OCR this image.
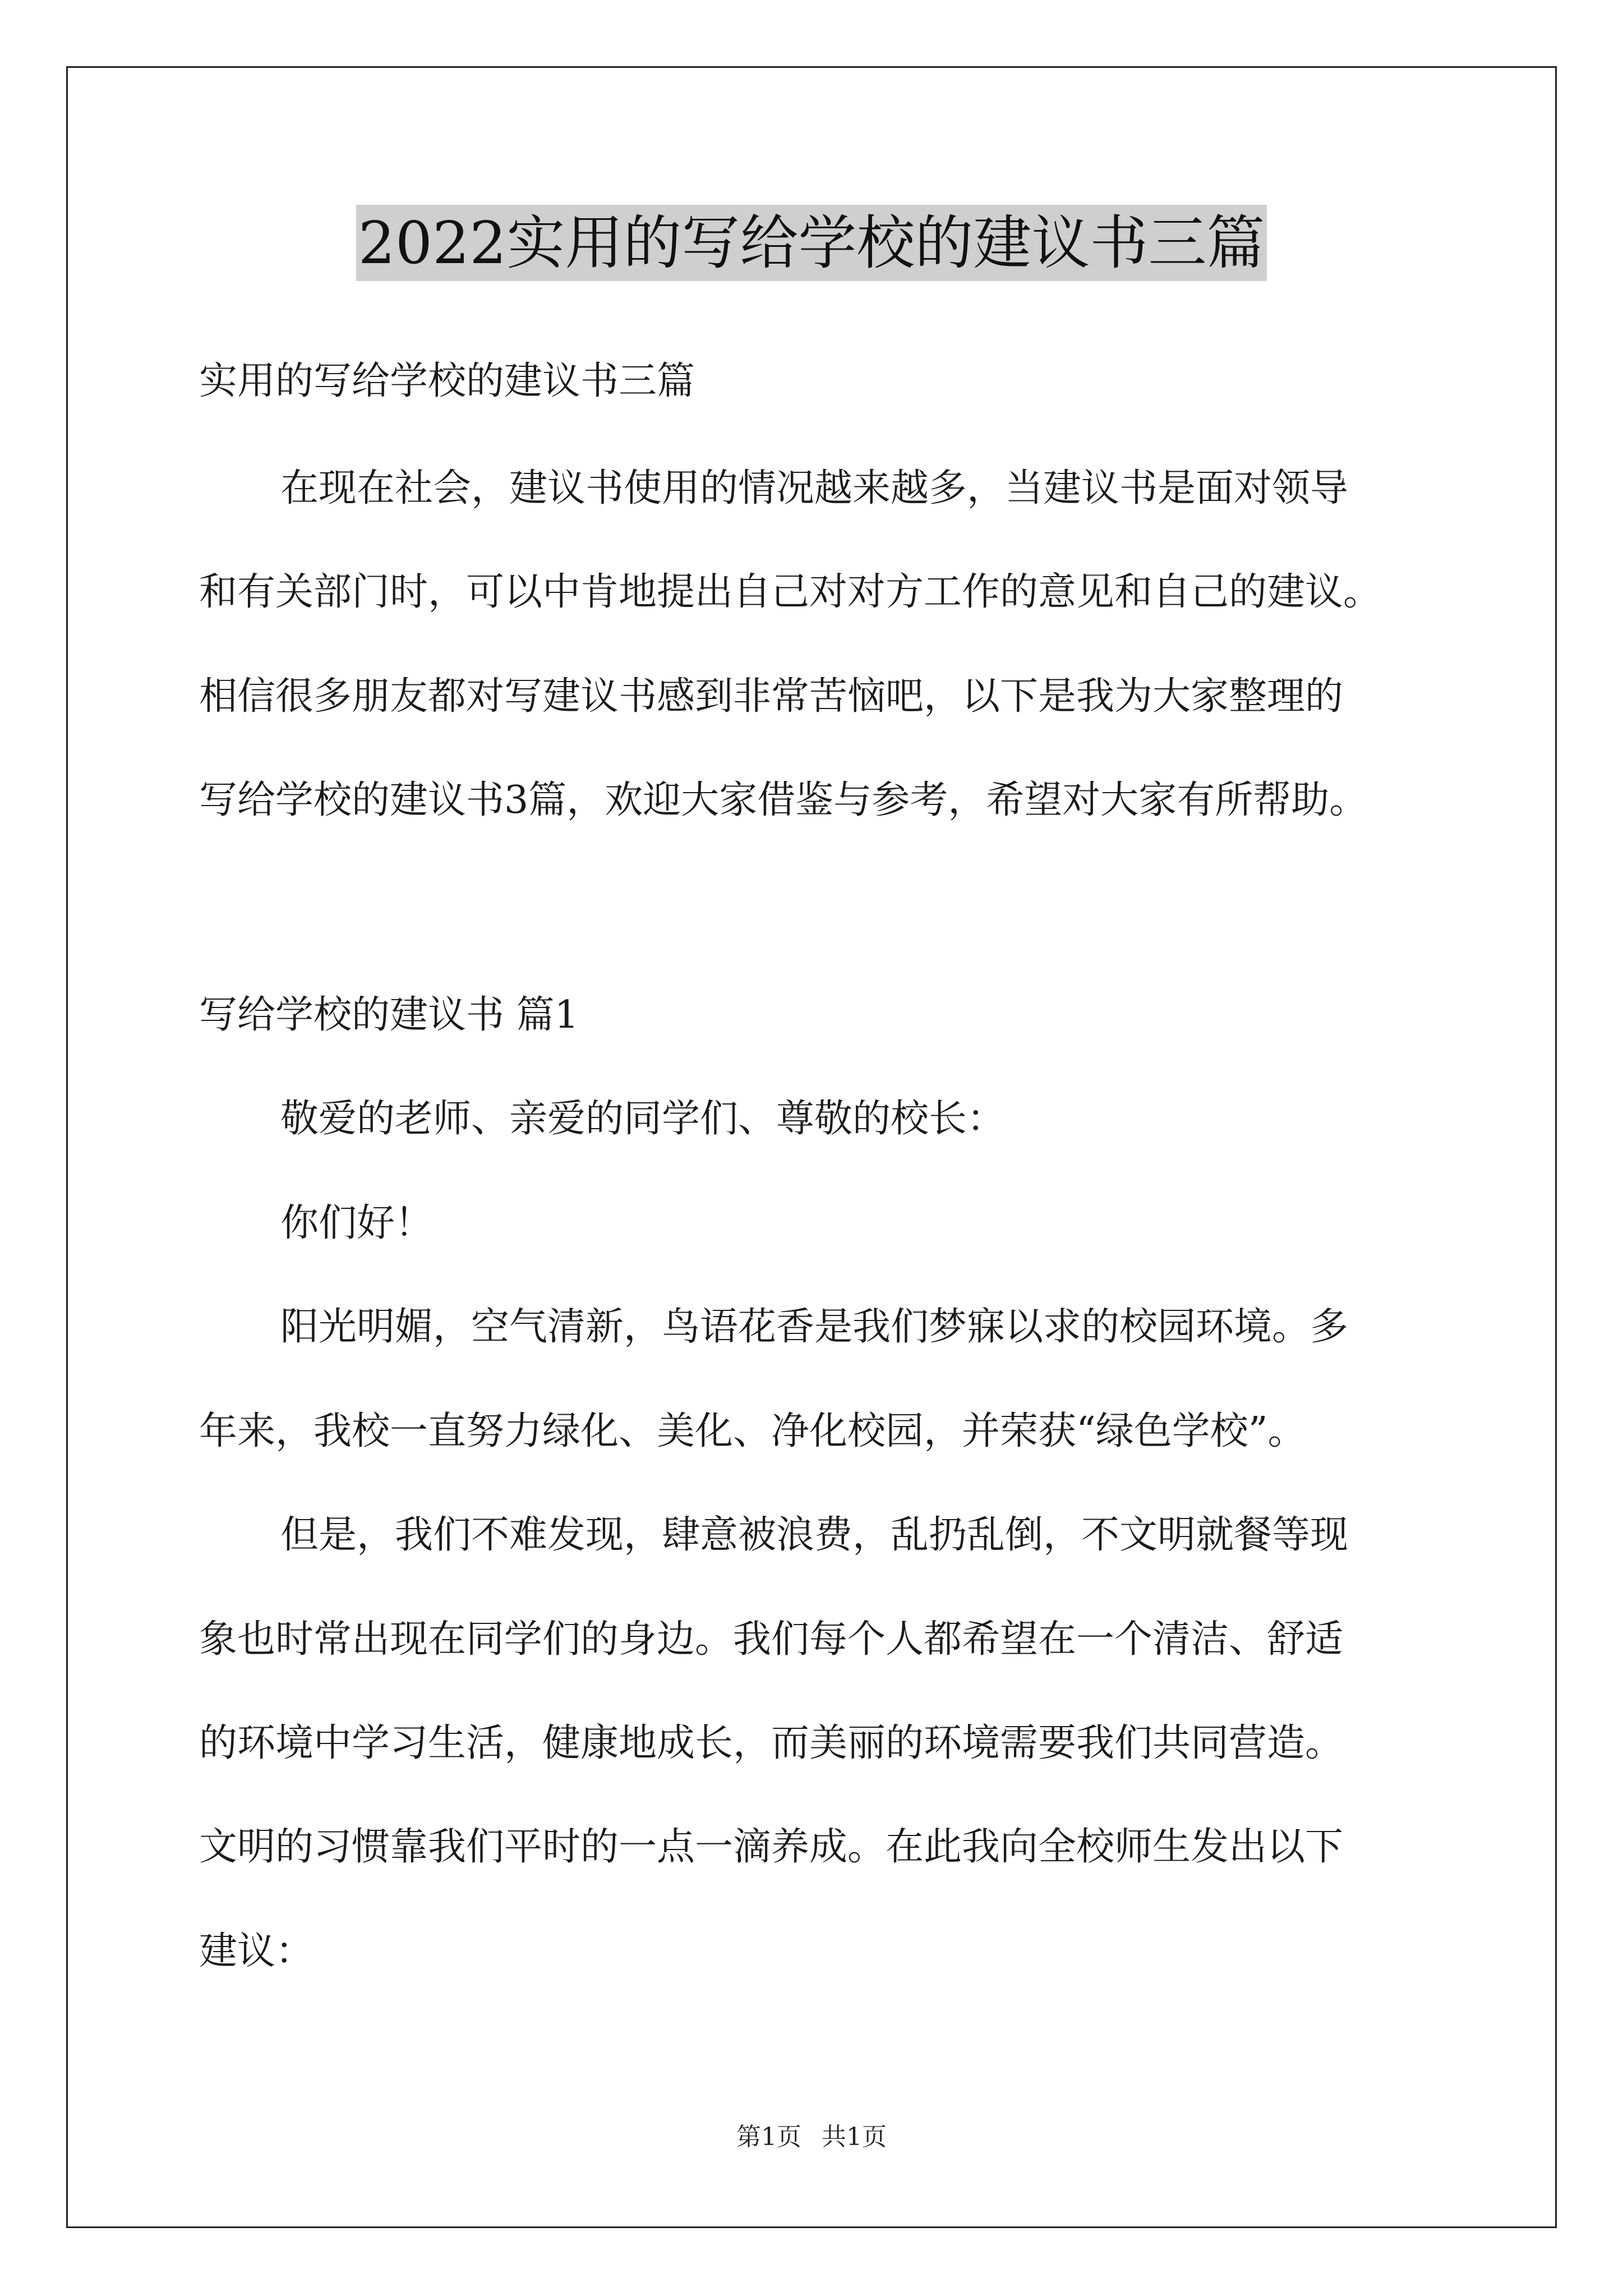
2022实用的写给学校的建议书三篇
实用的写给学校的建议书三篇
在现在社会，建议书使用的情况越来越多，当建议书是面对领导
和有关部门时，可以中肯地提出自己对对方工作的意见和自己的建议。
相信很多朋友都对写建议书感到非常苦恼吧，以下是我为大家整理的
写给学校的建议书3篇，欢迎大家借鉴与参考，希望对大家有所帮助。
写给学校的建议书 篇1
敬爱的老师、亲爱的同学们、尊敬的校长：
你们好！
阳光明媚，空气清新，鸟语花香是我们梦寐以求的校园环境。多
年来，我校一直努力绿化、美化、净化校园，并荣获“绿色学校”。
但是，我们不难发现，肆意被浪费，乱扔乱倒，不文明就餐等现
象也时常出现在同学们的身边。我们每个人都希望在一个清洁、舒适
的环境中学习生活，健康地成长，而美丽的环境需要我们共同营造。
文明的习惯靠我们平时的一点一滴养成。在此我向全校师生发出以下
建议：
第1页 共1页
